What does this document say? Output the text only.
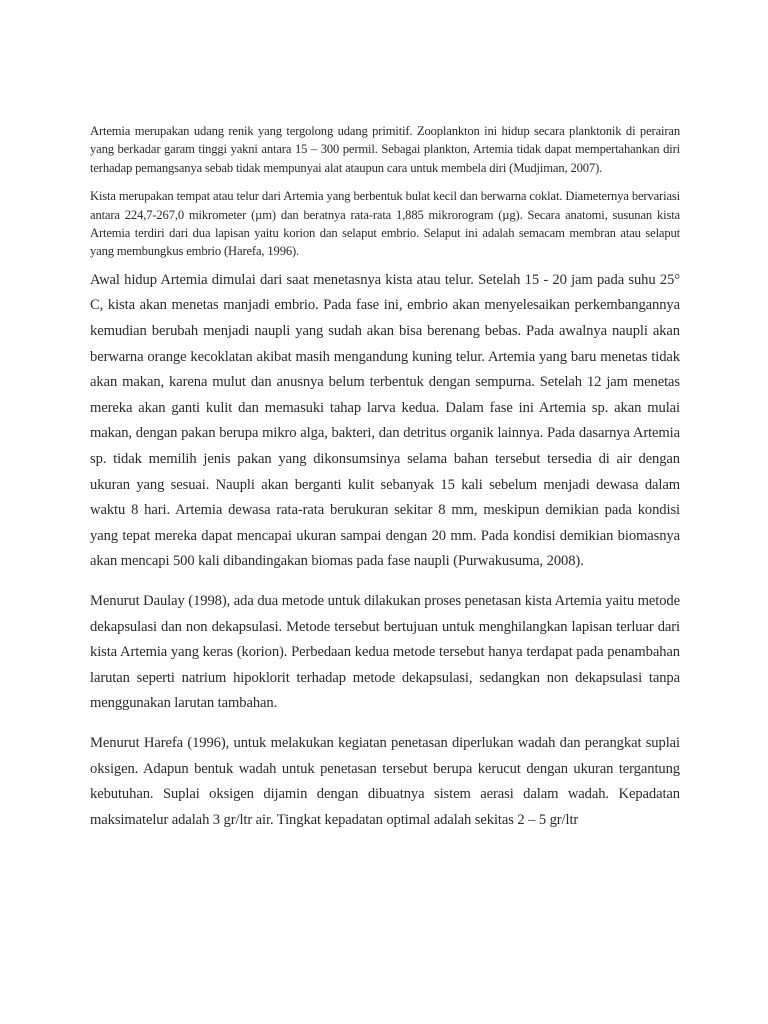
Artemia merupakan udang renik yang tergolong udang primitif. Zooplankton ini hidup secara planktonik di perairan yang berkadar garam tinggi yakni antara 15 – 300 permil. Sebagai plankton, Artemia tidak dapat mempertahankan diri terhadap pemangsanya sebab tidak mempunyai alat ataupun cara untuk membela diri (Mudjiman, 2007).

Kista merupakan tempat atau telur dari Artemia yang berbentuk bulat kecil dan berwarna coklat. Diameternya bervariasi antara 224,7-267,0 mikrometer (µm) dan beratnya rata-rata 1,885 mikrorogram (µg). Secara anatomi, susunan kista Artemia terdiri dari dua lapisan yaitu korion dan selaput embrio. Selaput ini adalah semacam membran atau selaput yang membungkus embrio (Harefa, 1996).

Awal hidup Artemia dimulai dari saat menetasnya kista atau telur. Setelah 15 - 20 jam pada suhu 25° C, kista akan menetas manjadi embrio. Pada fase ini, embrio akan menyelesaikan perkembangannya kemudian berubah menjadi naupli yang sudah akan bisa berenang bebas. Pada awalnya naupli akan berwarna orange kecoklatan akibat masih mengandung kuning telur. Artemia yang baru menetas tidak akan makan, karena mulut dan anusnya belum terbentuk dengan sempurna. Setelah 12 jam menetas mereka akan ganti kulit dan memasuki tahap larva kedua. Dalam fase ini Artemia sp. akan mulai makan, dengan pakan berupa mikro alga, bakteri, dan detritus organik lainnya. Pada dasarnya Artemia sp. tidak memilih jenis pakan yang dikonsumsinya selama bahan tersebut tersedia di air dengan ukuran yang sesuai. Naupli akan berganti kulit sebanyak 15 kali sebelum menjadi dewasa dalam waktu 8 hari. Artemia dewasa rata-rata berukuran sekitar 8 mm, meskipun demikian pada kondisi yang tepat mereka dapat mencapai ukuran sampai dengan 20 mm. Pada kondisi demikian biomasnya akan mencapi 500 kali dibandingakan biomas pada fase naupli (Purwakusuma, 2008).

Menurut Daulay (1998), ada dua metode untuk dilakukan proses penetasan kista Artemia yaitu metode dekapsulasi dan non dekapsulasi. Metode tersebut bertujuan untuk menghilangkan lapisan terluar dari kista Artemia yang keras (korion). Perbedaan kedua metode tersebut hanya terdapat pada penambahan larutan seperti natrium hipoklorit terhadap metode dekapsulasi, sedangkan non dekapsulasi tanpa menggunakan larutan tambahan.

Menurut Harefa (1996), untuk melakukan kegiatan penetasan diperlukan wadah dan perangkat suplai oksigen. Adapun bentuk wadah untuk penetasan tersebut berupa kerucut dengan ukuran tergantung kebutuhan. Suplai oksigen dijamin dengan dibuatnya sistem aerasi dalam wadah. Kepadatan maksimatelur adalah 3 gr/ltr air. Tingkat kepadatan optimal adalah sekitas 2 – 5 gr/ltr
